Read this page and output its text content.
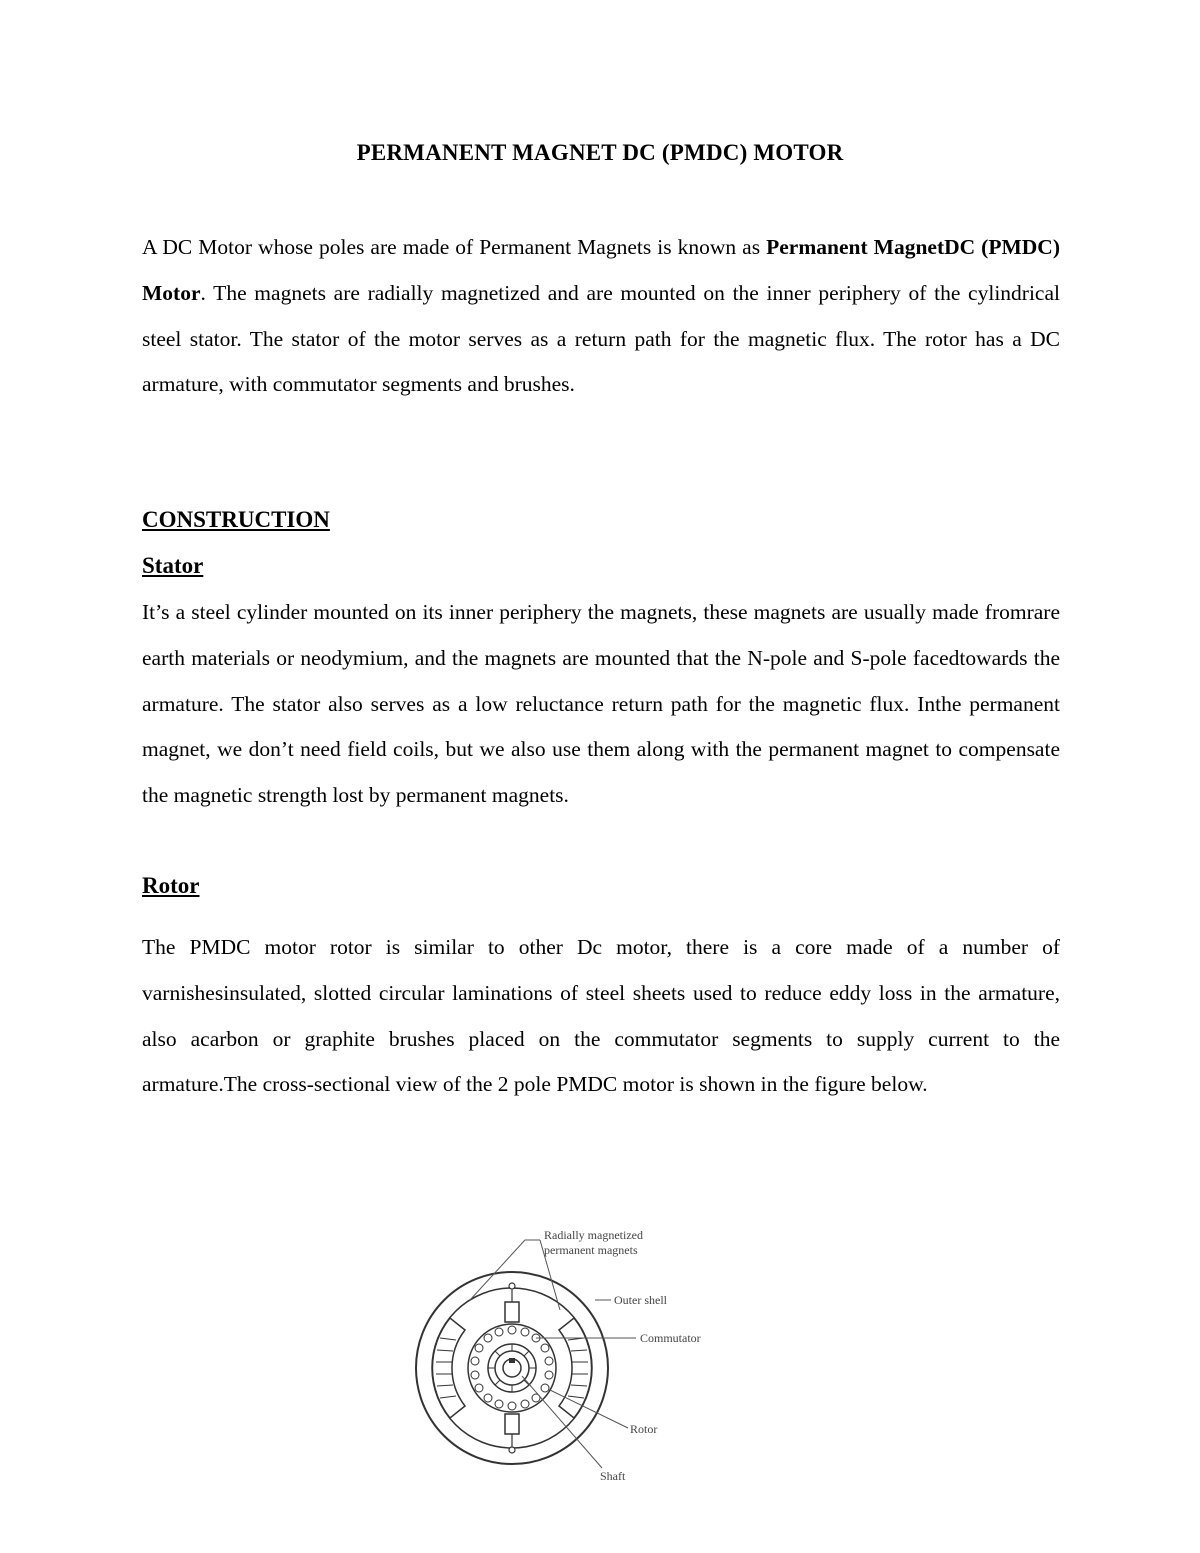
PERMANENT MAGNET DC (PMDC) MOTOR

A DC Motor whose poles are made of Permanent Magnets is known as Permanent MagnetDC (PMDC) Motor. The magnets are radially magnetized and are mounted on the inner periphery of the cylindrical steel stator. The stator of the motor serves as a return path for the magnetic flux. The rotor has a DC armature, with commutator segments and brushes.

CONSTRUCTION
Stator

It’s a steel cylinder mounted on its inner periphery the magnets, these magnets are usually made fromrare earth materials or neodymium, and the magnets are mounted that the N-pole and S-pole facedtowards the armature. The stator also serves as a low reluctance return path for the magnetic flux. Inthe permanent magnet, we don’t need field coils, but we also use them along with the permanent magnet to compensate the magnetic strength lost by permanent magnets.

Rotor

The PMDC motor rotor is similar to other Dc motor, there is a core made of a number of varnishesinsulated, slotted circular laminations of steel sheets used to reduce eddy loss in the armature, also acarbon or graphite brushes placed on the commutator segments to supply current to the armature.The cross-sectional view of the 2 pole PMDC motor is shown in the figure below.

Radially magnetized
permanent magnets
Outer shell
Commutator
Rotor
Shaft
